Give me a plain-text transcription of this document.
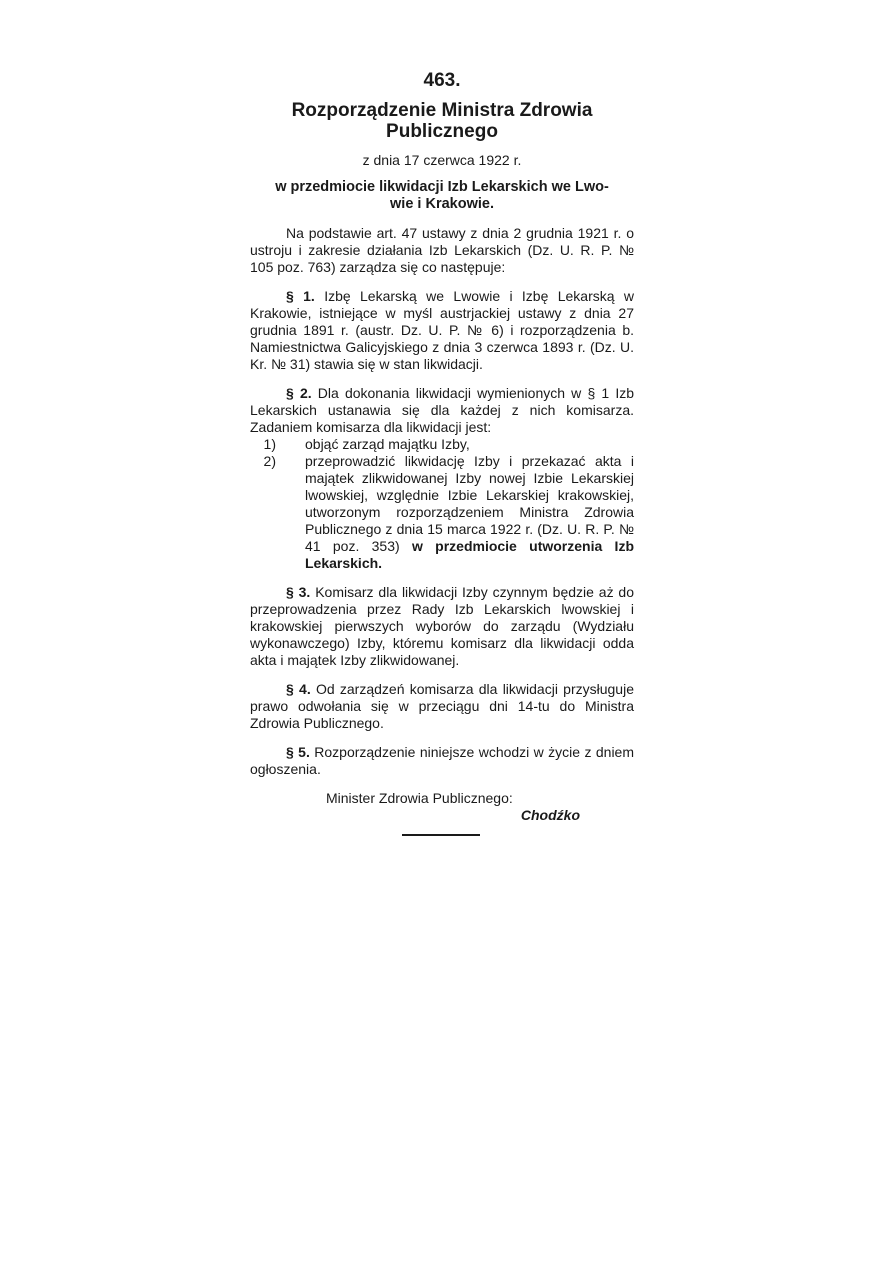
463.
Rozporządzenie Ministra Zdrowia
Publicznego
z dnia 17 czerwca 1922 r.
w przedmiocie likwidacji Izb Lekarskich we Lwo-
wie i Krakowie.

Na podstawie art. 47 ustawy z dnia 2 grudnia 1921 r. o ustroju i zakresie działania Izb Lekarskich (Dz. U. R. P. № 105 poz. 763) zarządza się co następuje:

§ 1. Izbę Lekarską we Lwowie i Izbę Lekarską w Krakowie, istniejące w myśl austrjackiej ustawy z dnia 27 grudnia 1891 r. (austr. Dz. U. P. № 6) i rozporządzenia b. Namiestnictwa Galicyjskiego z dnia 3 czerwca 1893 r. (Dz. U. Kr. № 31) stawia się w stan likwidacji.

§ 2. Dla dokonania likwidacji wymienionych w § 1 Izb Lekarskich ustanawia się dla każdej z nich komisarza. Zadaniem komisarza dla likwidacji jest:

1) objąć zarząd majątku Izby,
2) przeprowadzić likwidację Izby i przekazać akta i majątek zlikwidowanej Izby nowej Izbie Lekarskiej lwowskiej, względnie Izbie Lekarskiej krakowskiej, utworzonym rozporządzeniem Ministra Zdrowia Publicznego z dnia 15 marca 1922 r. (Dz. U. R. P. № 41 poz. 353) w przedmiocie utworzenia Izb Lekarskich.

§ 3. Komisarz dla likwidacji Izby czynnym będzie aż do przeprowadzenia przez Rady Izb Lekarskich lwowskiej i krakowskiej pierwszych wyborów do zarządu (Wydziału wykonawczego) Izby, któremu komisarz dla likwidacji odda akta i majątek Izby zlikwidowanej.

§ 4. Od zarządzeń komisarza dla likwidacji przysługuje prawo odwołania się w przeciągu dni 14-tu do Ministra Zdrowia Publicznego.

§ 5. Rozporządzenie niniejsze wchodzi w życie z dniem ogłoszenia.

Minister Zdrowia Publicznego:
Chodźko
